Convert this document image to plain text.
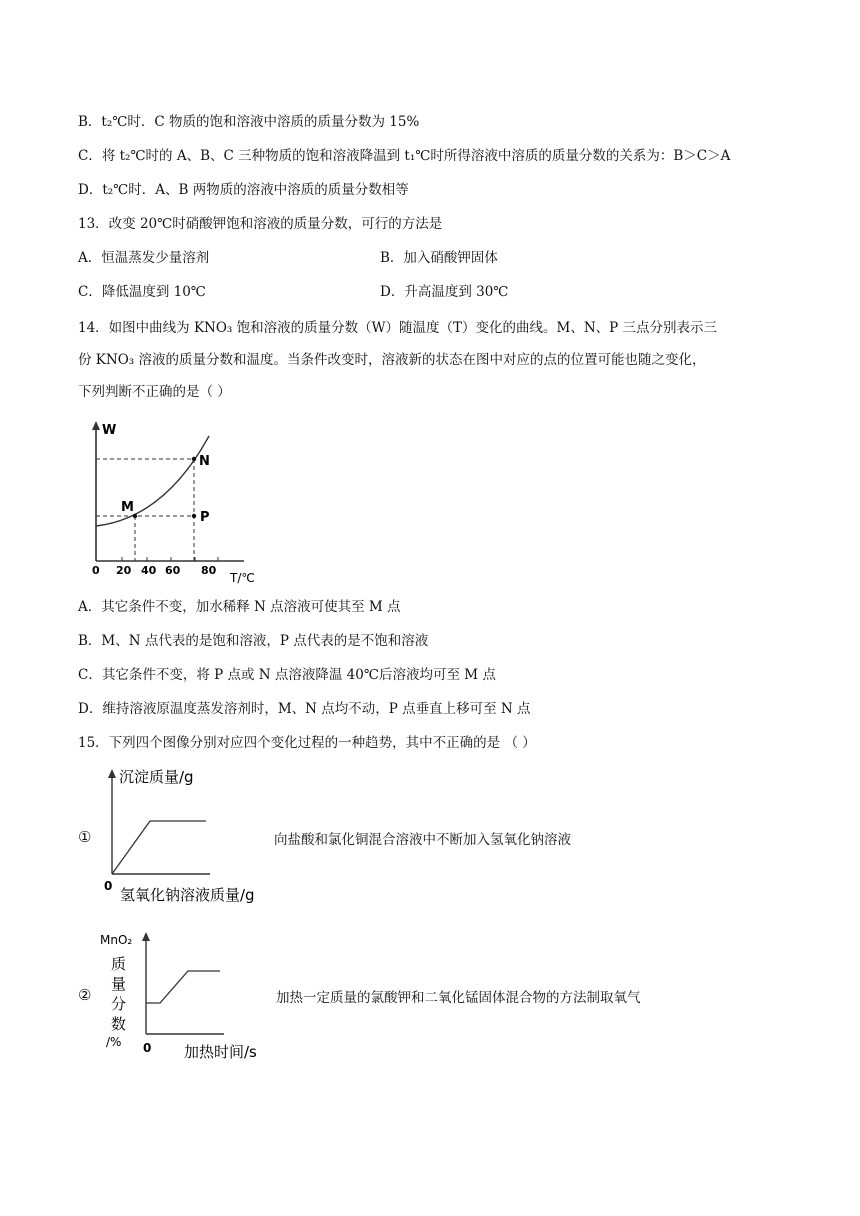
B．t₂℃时．C 物质的饱和溶液中溶质的质量分数为 15%
C．将 t₂℃时的 A、B、C 三种物质的饱和溶液降温到 t₁℃时所得溶液中溶质的质量分数的关系为：B＞C＞A
D．t₂℃时．A、B 两物质的溶液中溶质的质量分数相等
13．改变 20℃时硝酸钾饱和溶液的质量分数，可行的方法是
A．恒温蒸发少量溶剂	B．加入硝酸钾固体
C．降低温度到 10℃	D．升高温度到 30℃
14．如图中曲线为 KNO₃ 饱和溶液的质量分数（W）随温度（T）变化的曲线。M、N、P 三点分别表示三
份 KNO₃ 溶液的质量分数和温度。当条件改变时，溶液新的状态在图中对应的点的位置可能也随之变化，
下列判断不正确的是（ ）
W
N
M
P
0 20 40 60 80
T/℃
A．其它条件不变，加水稀释 N 点溶液可使其至 M 点
B．M、N 点代表的是饱和溶液，P 点代表的是不饱和溶液
C．其它条件不变，将 P 点或 N 点溶液降温 40℃后溶液均可至 M 点
D．维持溶液原温度蒸发溶剂时，M、N 点均不动，P 点垂直上移可至 N 点
15．下列四个图像分别对应四个变化过程的一种趋势，其中不正确的是 （ ）
①
沉淀质量/g
0 氢氧化钠溶液质量/g
向盐酸和氯化铜混合溶液中不断加入氢氧化钠溶液
②
MnO₂
质
量
分
数
/% 0 加热时间/s
加热一定质量的氯酸钾和二氧化锰固体混合物的方法制取氧气
